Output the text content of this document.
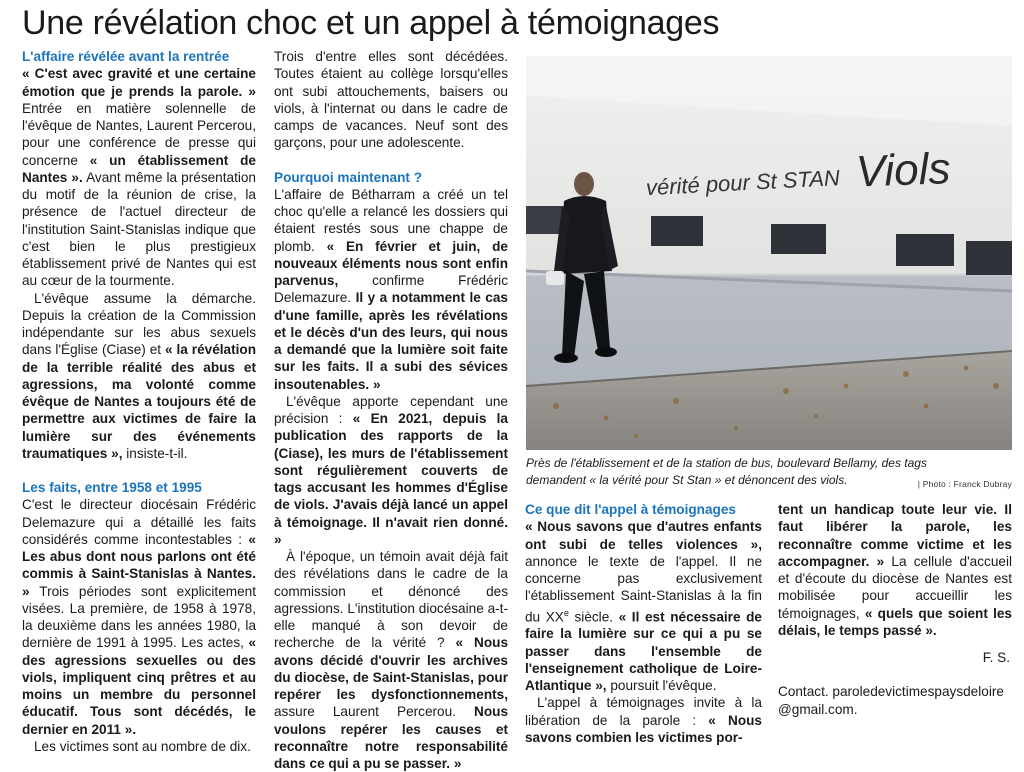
Une révélation choc et un appel à témoignages

L'affaire révélée avant la rentrée

« C'est avec gravité et une certaine émotion que je prends la parole. » Entrée en matière solennelle de l'évêque de Nantes, Laurent Percerou, pour une conférence de presse qui concerne « un établissement de Nantes ». Avant même la présentation du motif de la réunion de crise, la présence de l'actuel directeur de l'institution Saint-Stanislas indique que c'est bien le plus prestigieux établissement privé de Nantes qui est au cœur de la tourmente.

L'évêque assume la démarche. Depuis la création de la Commission indépendante sur les abus sexuels dans l'Église (Ciase) et « la révélation de la terrible réalité des abus et agressions, ma volonté comme évêque de Nantes a toujours été de permettre aux victimes de faire la lumière sur des événements traumatiques », insiste-t-il.

Les faits, entre 1958 et 1995

C'est le directeur diocésain Frédéric Delemazure qui a détaillé les faits considérés comme incontestables : « Les abus dont nous parlons ont été commis à Saint-Stanislas à Nantes. » Trois périodes sont explicitement visées. La première, de 1958 à 1978, la deuxième dans les années 1980, la dernière de 1991 à 1995. Les actes, « des agressions sexuelles ou des viols, impliquent cinq prêtres et au moins un membre du personnel éducatif. Tous sont décédés, le dernier en 2011 ».

Les victimes sont au nombre de dix.

Trois d'entre elles sont décédées. Toutes étaient au collège lorsqu'elles ont subi attouchements, baisers ou viols, à l'internat ou dans le cadre de camps de vacances. Neuf sont des garçons, pour une adolescente.

Pourquoi maintenant ?

L'affaire de Bétharram a créé un tel choc qu'elle a relancé les dossiers qui étaient restés sous une chappe de plomb. « En février et juin, de nouveaux éléments nous sont enfin parvenus, confirme Frédéric Delemazure. Il y a notamment le cas d'une famille, après les révélations et le décès d'un des leurs, qui nous a demandé que la lumière soit faite sur les faits. Il a subi des sévices insoutenables. »

L'évêque apporte cependant une précision : « En 2021, depuis la publication des rapports de la (Ciase), les murs de l'établissement sont régulièrement couverts de tags accusant les hommes d'Église de viols. J'avais déjà lancé un appel à témoignage. Il n'avait rien donné. »

À l'époque, un témoin avait déjà fait des révélations dans le cadre de la commission et dénoncé des agressions. L'institution diocésaine a-t-elle manqué à son devoir de recherche de la vérité ? « Nous avons décidé d'ouvrir les archives du diocèse, de Saint-Stanislas, pour repérer les dysfonctionnements, assure Laurent Percerou. Nous voulons repérer les causes et reconnaître notre responsabilité dans ce qui a pu se passer. »

vérité pour St STAN Viols
Près de l'établissement et de la station de bus, boulevard Bellamy, des tags
demandent « la vérité pour St Stan » et dénoncent des viols.	| Photo : Franck Dubray

Ce que dit l'appel à témoignages

« Nous savons que d'autres enfants ont subi de telles violences », annonce le texte de l'appel. Il ne concerne pas exclusivement l'établissement Saint-Stanislas à la fin du XXe siècle. « Il est nécessaire de faire la lumière sur ce qui a pu se passer dans l'ensemble de l'enseignement catholique de Loire-Atlantique », poursuit l'évêque.

L'appel à témoignages invite à la libération de la parole : « Nous savons combien les victimes por-

tent un handicap toute leur vie. Il faut libérer la parole, les reconnaître comme victime et les accompagner. » La cellule d'accueil et d'écoute du diocèse de Nantes est mobilisée pour accueillir les témoignages, « quels que soient les délais, le temps passé ».

F. S.

Contact. paroledevictimespaysdeloire@gmail.com.
